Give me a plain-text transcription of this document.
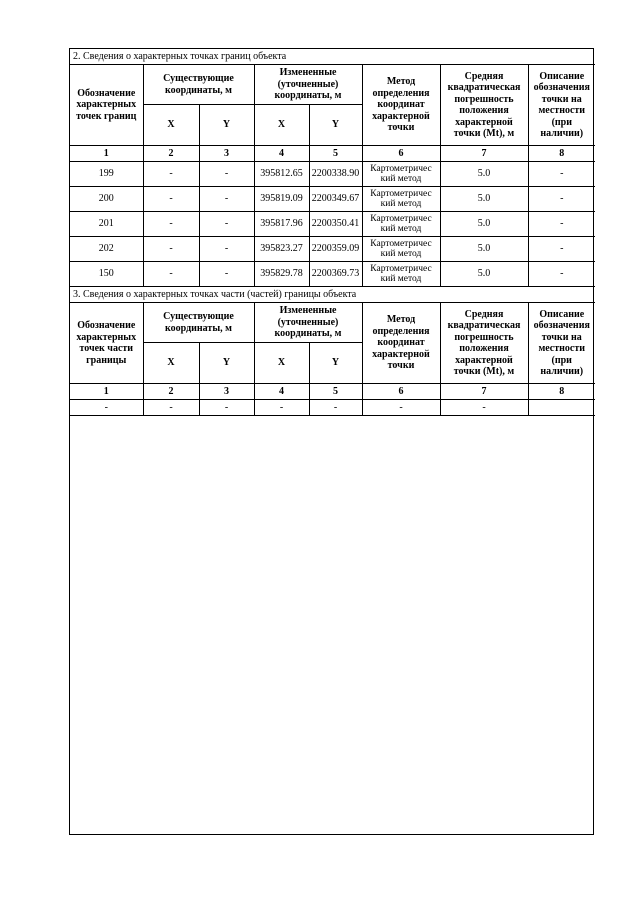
2. Сведения о характерных точках границ объекта							
Обозначение характерных точек границ	Существующие координаты, м		Измененные (уточненные) координаты, м		Метод определения координат характерной точки	Средняя квадратическая погрешность положения характерной точки (Mt), м	Описание обозначения точки на местности (при наличии)
	X	Y	X	Y			
1	2	3	4	5	6	7	8
199	-	-	395812.65	2200338.90	Картометричес кий метод	5.0	-
200	-	-	395819.09	2200349.67	Картометричес кий метод	5.0	-
201	-	-	395817.96	2200350.41	Картометричес кий метод	5.0	-
202	-	-	395823.27	2200359.09	Картометричес кий метод	5.0	-
150	-	-	395829.78	2200369.73	Картометричес кий метод	5.0	-
3. Сведения о характерных точках части (частей) границы объекта							
Обозначение характерных точек части границы	Существующие координаты, м		Измененные (уточненные) координаты, м		Метод определения координат характерной точки	Средняя квадратическая погрешность положения характерной точки (Mt), м	Описание обозначения точки на местности (при наличии)
	X	Y	X	Y			
1	2	3	4	5	6	7	8
-	-	-	-	-	-	-	
